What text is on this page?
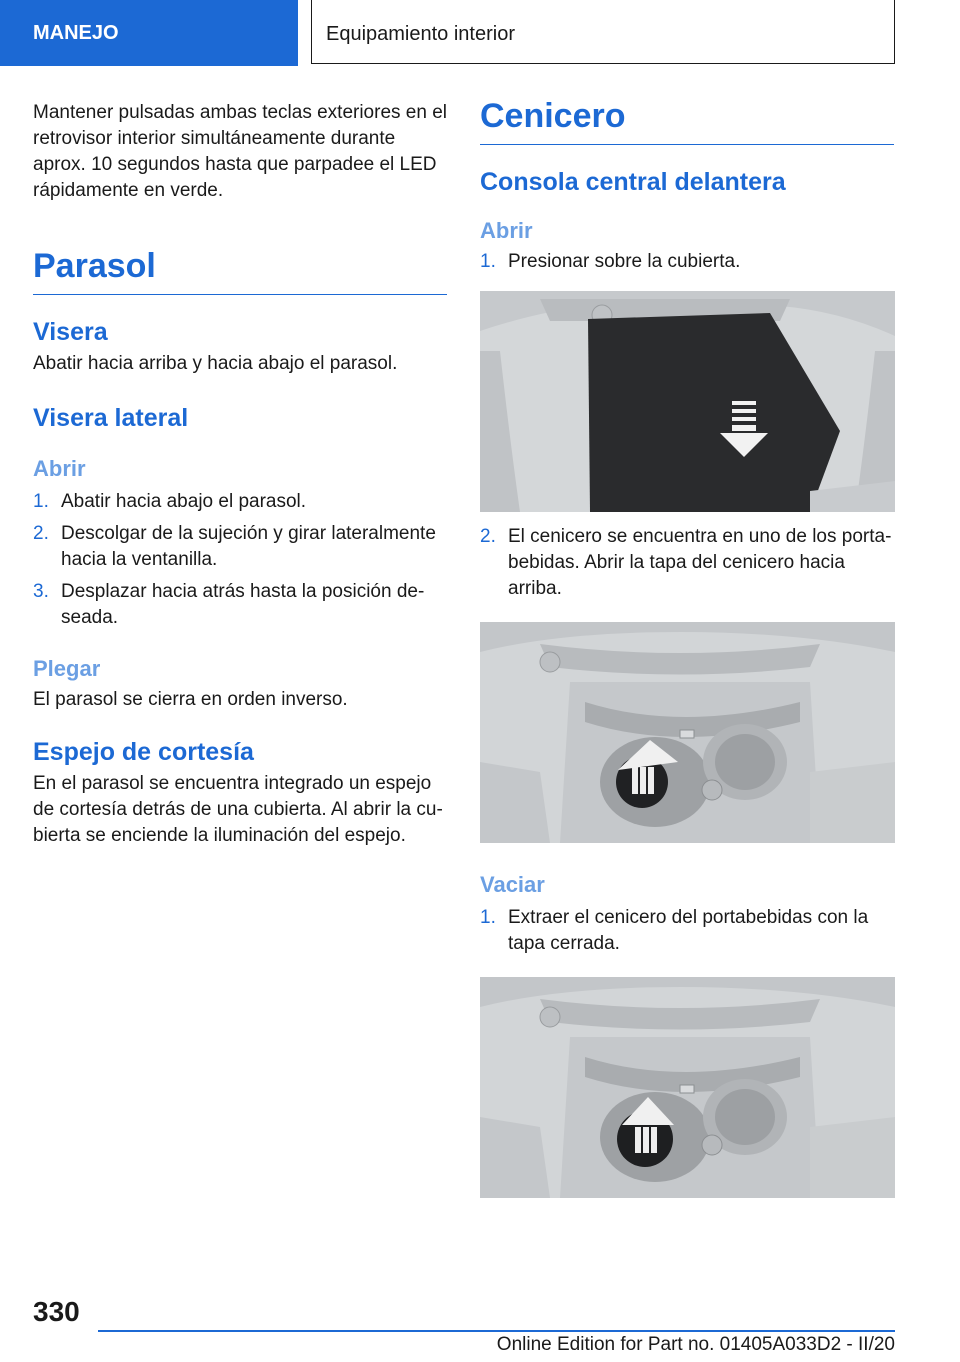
MANEJO	Equipamiento interior

Mantener pulsadas ambas teclas exteriores en el retrovisor interior simultáneamente durante aprox. 10 segundos hasta que parpadee el LED rápidamente en verde.

Parasol
Visera

Abatir hacia arriba y hacia abajo el parasol.

Visera lateral
Abrir
1. Abatir hacia abajo el parasol.
2. Descolgar de la sujeción y girar lateralmente hacia la ventanilla.
3. Desplazar hacia atrás hasta la posición de‐seada.
Plegar

El parasol se cierra en orden inverso.

Espejo de cortesía

En el parasol se encuentra integrado un espejo de cortesía detrás de una cubierta. Al abrir la cu‐bierta se enciende la iluminación del espejo.

Cenicero
Consola central delantera
Abrir
1. Presionar sobre la cubierta.
2. El cenicero se encuentra en uno de los porta‐bebidas. Abrir la tapa del cenicero hacia arriba.
Vaciar
1. Extraer el cenicero del portabebidas con la tapa cerrada.
330
Online Edition for Part no. 01405A033D2 - II/20
